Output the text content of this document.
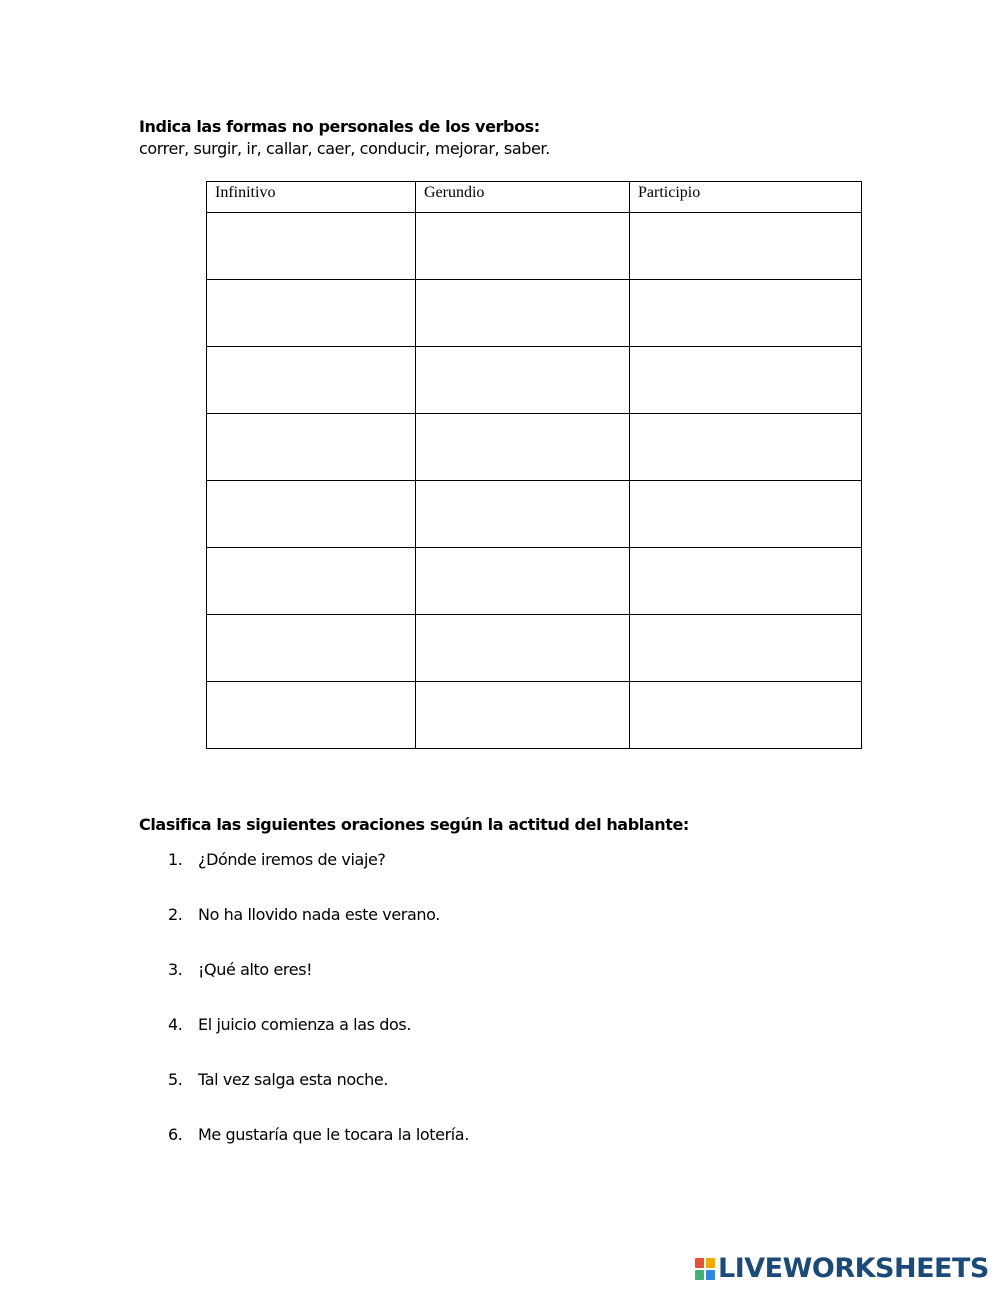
Indica las formas no personales de los verbos:
correr, surgir, ir, callar, caer, conducir, mejorar, saber.
Infinitivo	Gerundio	Participio

Clasifica las siguientes oraciones según la actitud del hablante:
1. ¿Dónde iremos de viaje?
2. No ha llovido nada este verano.
3. ¡Qué alto eres!
4. El juicio comienza a las dos.
5. Tal vez salga esta noche.
6. Me gustaría que le tocara la lotería.
LIVEWORKSHEETS
